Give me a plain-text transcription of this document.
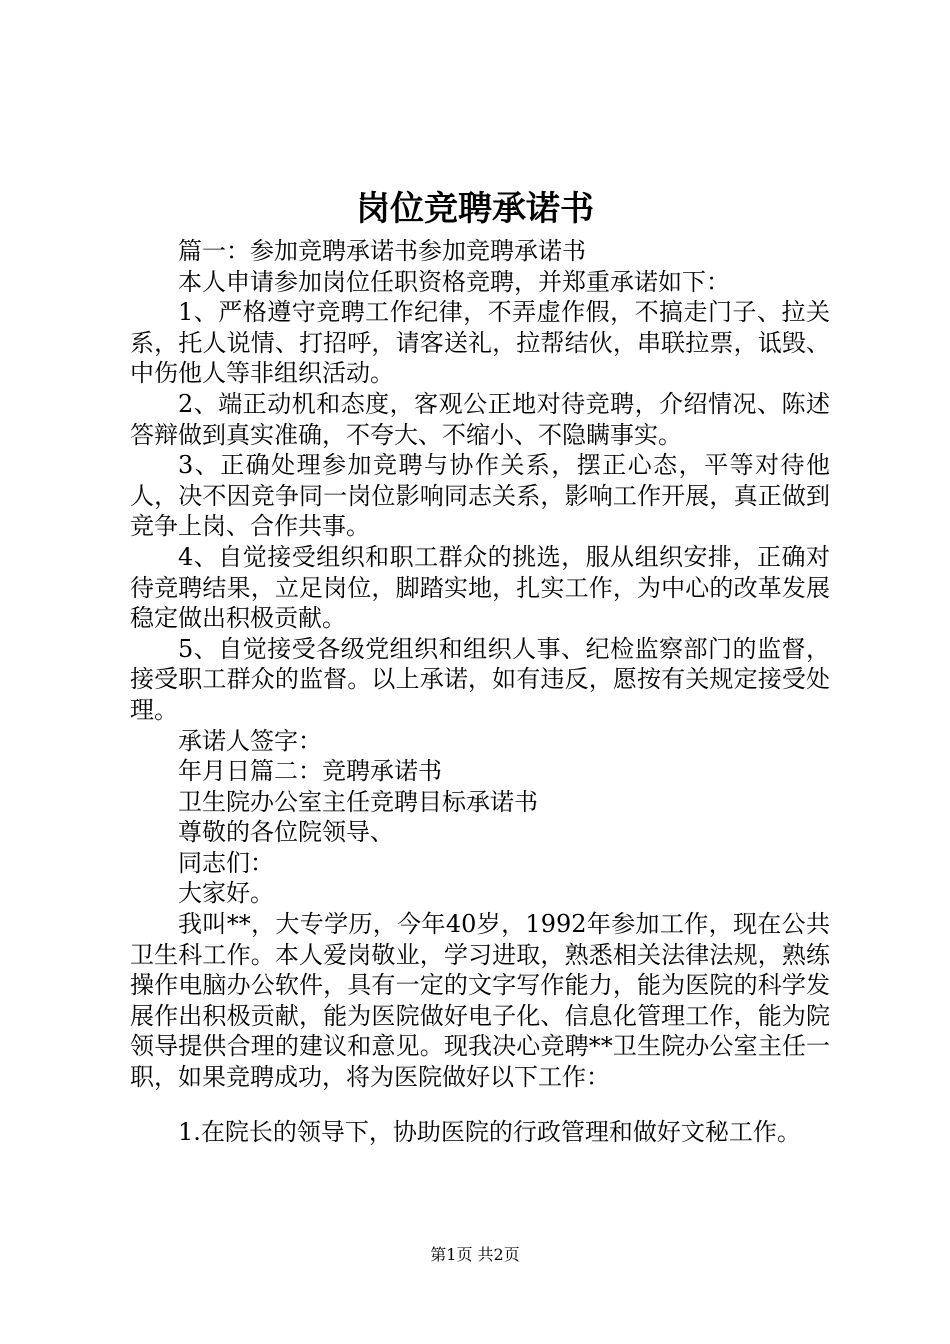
岗位竞聘承诺书

篇一：参加竞聘承诺书参加竞聘承诺书

本人申请参加岗位任职资格竞聘，并郑重承诺如下：

1、严格遵守竞聘工作纪律，不弄虚作假，不搞走门子、拉关系，托人说情、打招呼，请客送礼，拉帮结伙，串联拉票，诋毁、中伤他人等非组织活动。

2、端正动机和态度，客观公正地对待竞聘，介绍情况、陈述答辩做到真实准确，不夸大、不缩小、不隐瞒事实。

3、正确处理参加竞聘与协作关系，摆正心态，平等对待他人，决不因竞争同一岗位影响同志关系，影响工作开展，真正做到竞争上岗、合作共事。

4、自觉接受组织和职工群众的挑选，服从组织安排，正确对待竞聘结果，立足岗位，脚踏实地，扎实工作，为中心的改革发展稳定做出积极贡献。

5、自觉接受各级党组织和组织人事、纪检监察部门的监督，接受职工群众的监督。以上承诺，如有违反，愿按有关规定接受处理。

承诺人签字：

年月日篇二：竞聘承诺书

卫生院办公室主任竞聘目标承诺书

尊敬的各位院领导、

同志们：

大家好。

我叫**，大专学历，今年40岁，1992年参加工作，现在公共卫生科工作。本人爱岗敬业，学习进取，熟悉相关法律法规，熟练操作电脑办公软件，具有一定的文字写作能力，能为医院的科学发展作出积极贡献，能为医院做好电子化、信息化管理工作，能为院领导提供合理的建议和意见。现我决心竞聘**卫生院办公室主任一职，如果竞聘成功，将为医院做好以下工作：

1.在院长的领导下，协助医院的行政管理和做好文秘工作。

第1页 共2页
